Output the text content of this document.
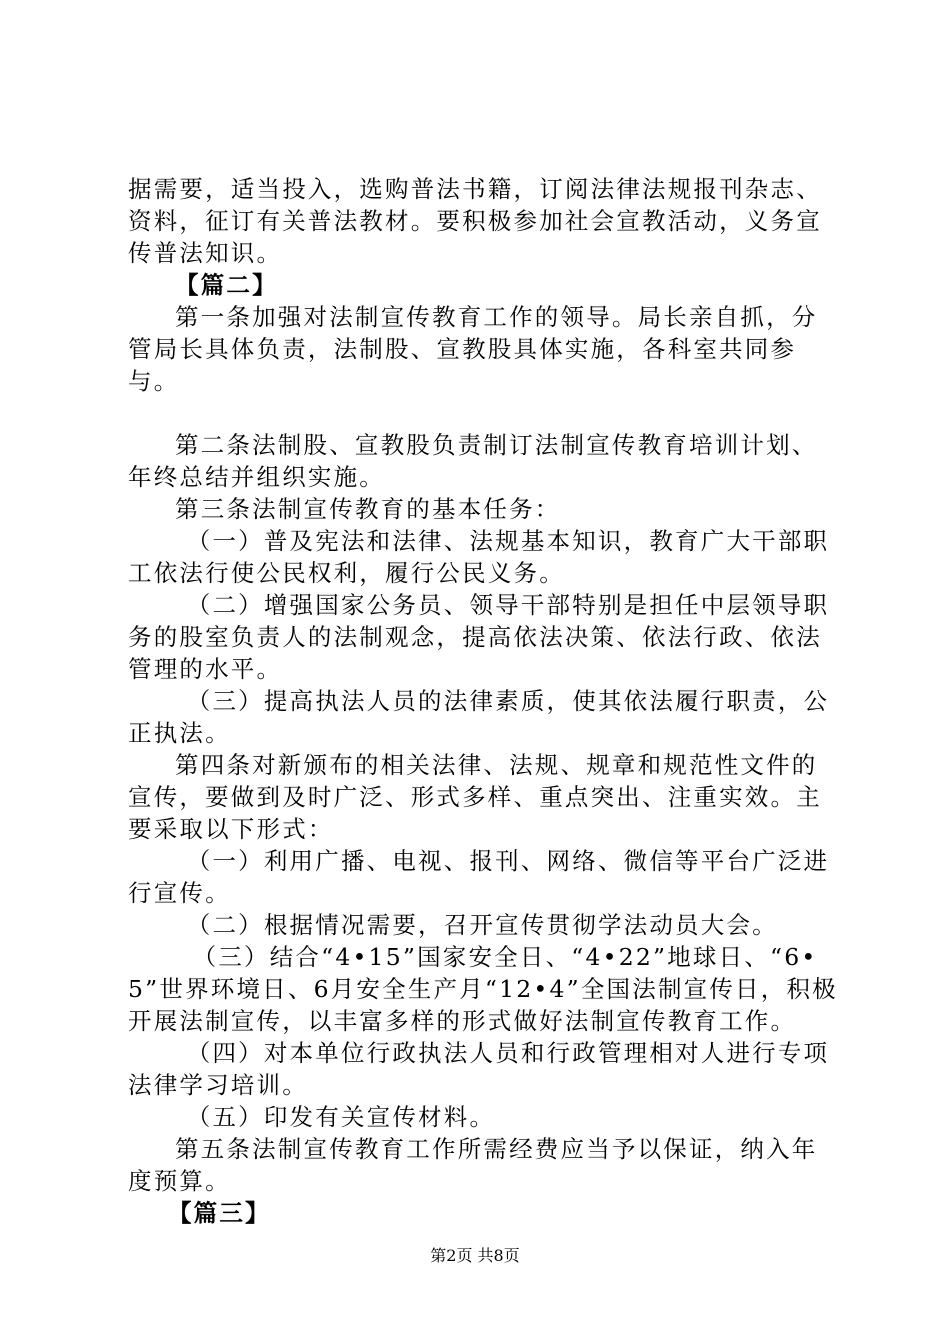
据需要，适当投入，选购普法书籍，订阅法律法规报刊杂志、资料，征订有关普法教材。要积极参加社会宣教活动，义务宣传普法知识。

【篇二】

第一条加强对法制宣传教育工作的领导。局长亲自抓，分管局长具体负责，法制股、宣教股具体实施，各科室共同参与。

第二条法制股、宣教股负责制订法制宣传教育培训计划、年终总结并组织实施。

第三条法制宣传教育的基本任务：

（一）普及宪法和法律、法规基本知识，教育广大干部职工依法行使公民权利，履行公民义务。

（二）增强国家公务员、领导干部特别是担任中层领导职务的股室负责人的法制观念，提高依法决策、依法行政、依法管理的水平。

（三）提高执法人员的法律素质，使其依法履行职责，公正执法。

第四条对新颁布的相关法律、法规、规章和规范性文件的宣传，要做到及时广泛、形式多样、重点突出、注重实效。主要采取以下形式：

（一）利用广播、电视、报刊、网络、微信等平台广泛进行宣传。

（二）根据情况需要，召开宣传贯彻学法动员大会。

（三）结合“4•15”国家安全日、“4•22”地球日、“6•5”世界环境日、6月安全生产月“12•4”全国法制宣传日，积极开展法制宣传，以丰富多样的形式做好法制宣传教育工作。

（四）对本单位行政执法人员和行政管理相对人进行专项法律学习培训。

（五）印发有关宣传材料。

第五条法制宣传教育工作所需经费应当予以保证，纳入年度预算。

【篇三】

第2页 共8页
